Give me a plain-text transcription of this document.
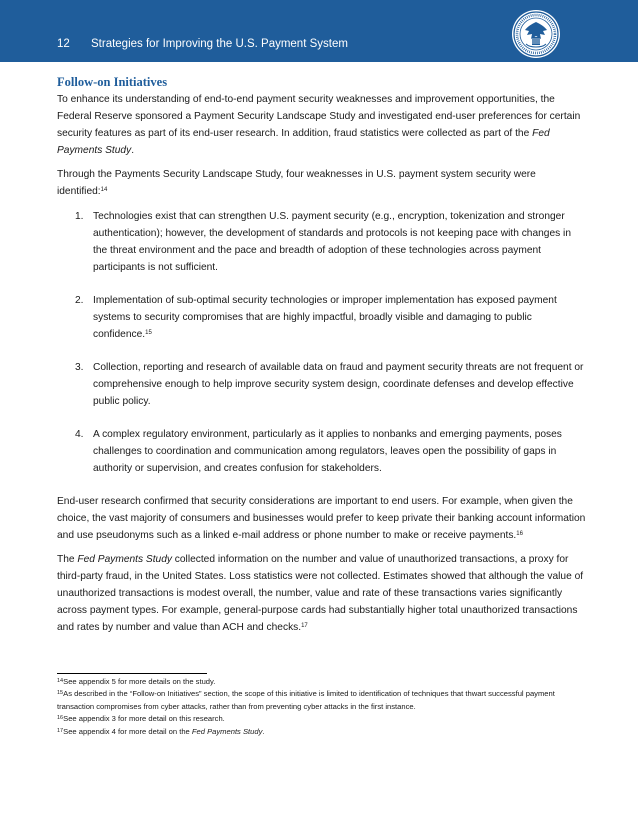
12 Strategies for Improving the U.S. Payment System
Follow-on Initiatives

To enhance its understanding of end-to-end payment security weaknesses and improvement opportunities, the Federal Reserve sponsored a Payment Security Landscape Study and investigated end-user preferences for certain security features as part of its end-user research. In addition, fraud statistics were collected as part of the Fed Payments Study.

Through the Payments Security Landscape Study, four weaknesses in U.S. payment system security were identified:$^{14}$

1. Technologies exist that can strengthen U.S. payment security (e.g., encryption, tokenization and stronger authentication); however, the development of standards and protocols is not keeping pace with changes in the threat environment and the pace and breadth of adoption of these technologies across payment participants is not sufficient.
2. Implementation of sub-optimal security technologies or improper implementation has exposed payment systems to security compromises that are highly impactful, broadly visible and damaging to public confidence.$^{15}$
3. Collection, reporting and research of available data on fraud and payment security threats are not frequent or comprehensive enough to help improve security system design, coordinate defenses and develop effective public policy.
4. A complex regulatory environment, particularly as it applies to nonbanks and emerging payments, poses challenges to coordination and communication among regulators, leaves open the possibility of gaps in authority or supervision, and creates confusion for stakeholders.

End-user research confirmed that security considerations are important to end users. For example, when given the choice, the vast majority of consumers and businesses would prefer to keep private their banking account information and use pseudonyms such as a linked e-mail address or phone number to make or receive payments.$^{16}$

The Fed Payments Study collected information on the number and value of unauthorized transactions, a proxy for third-party fraud, in the United States. Loss statistics were not collected. Estimates showed that although the value of unauthorized transactions is modest overall, the number, value and rate of these transactions varies significantly across payment types. For example, general-purpose cards had substantially higher total unauthorized transactions and rates by number and value than ACH and checks.$^{17}$

$^{14}$See appendix 5 for more details on the study.
$^{15}$As described in the “Follow-on Initiatives” section, the scope of this initiative is limited to identification of techniques that thwart successful payment transaction compromises from cyber attacks, rather than from preventing cyber attacks in the first instance.
$^{16}$See appendix 3 for more detail on this research.
$^{17}$See appendix 4 for more detail on the Fed Payments Study.
